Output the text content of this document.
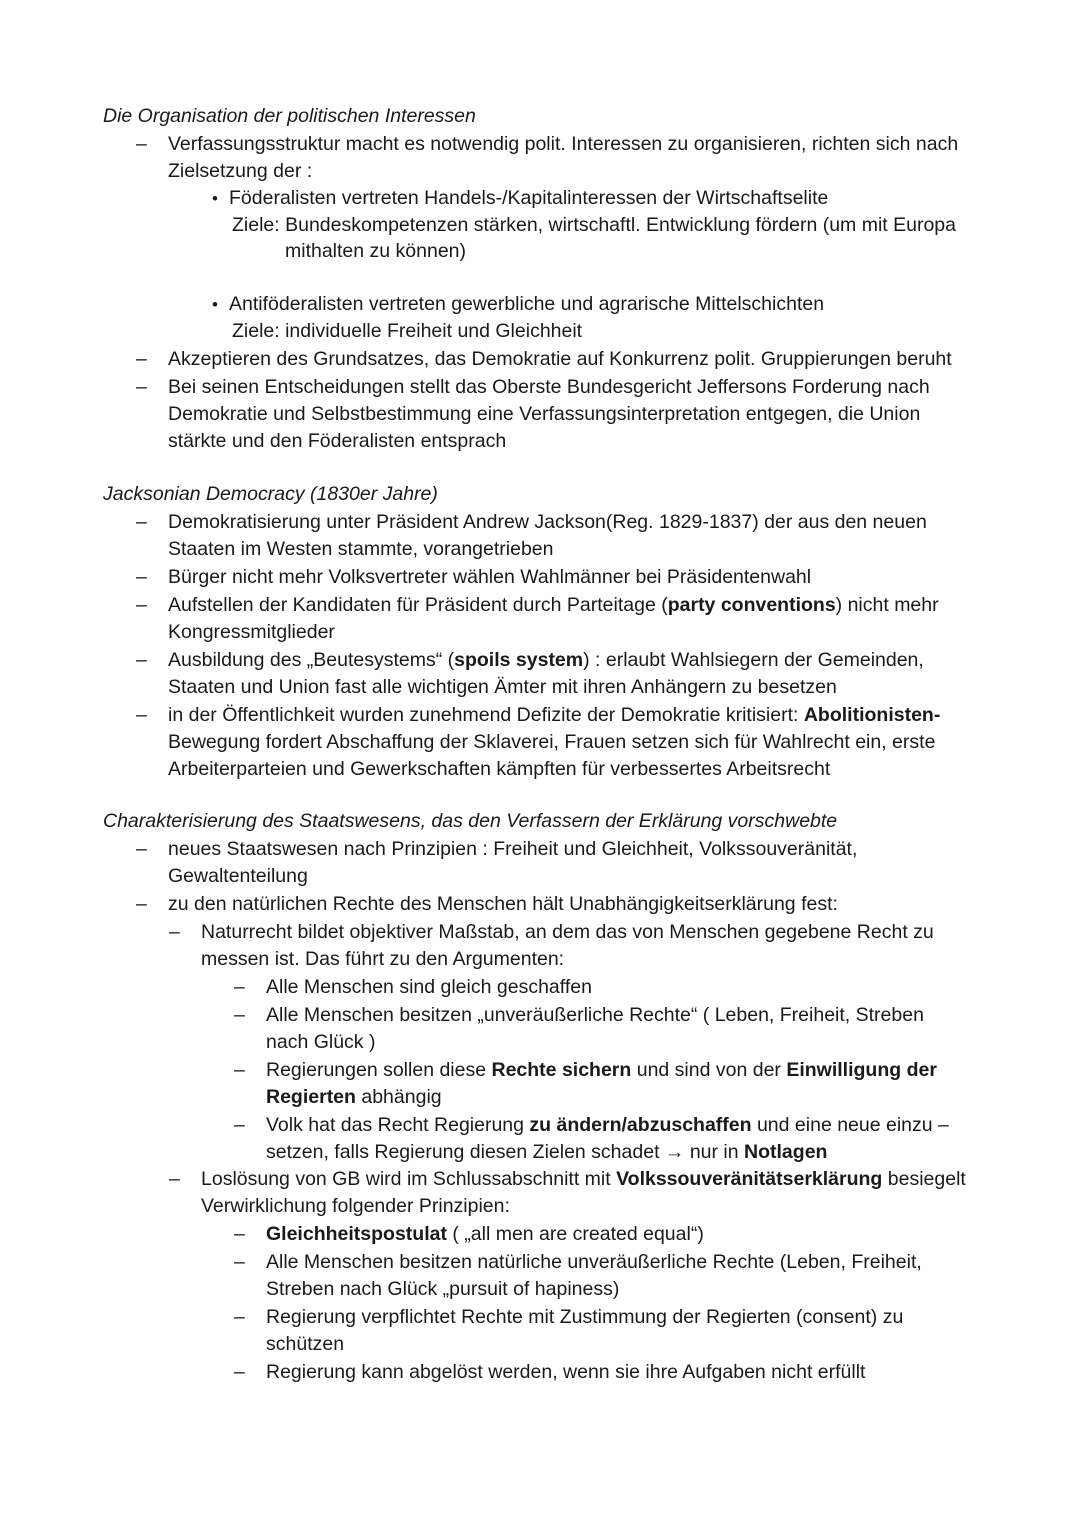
Die Organisation der politischen Interessen
–	Verfassungsstruktur macht es notwendig polit. Interessen zu organisieren, richten sich nach Zielsetzung der :
• Föderalisten vertreten Handels-/Kapitalinteressen der Wirtschaftselite
Ziele: Bundeskompetenzen stärken, wirtschaftl. Entwicklung fördern (um mit Europa
mithalten zu können)
• Antiföderalisten vertreten gewerbliche und agrarische Mittelschichten
Ziele: individuelle Freiheit und Gleichheit
–	Akzeptieren des Grundsatzes, das Demokratie auf Konkurrenz polit. Gruppierungen beruht
–	Bei seinen Entscheidungen stellt das Oberste Bundesgericht Jeffersons Forderung nach Demokratie und Selbstbestimmung eine Verfassungsinterpretation entgegen, die Union stärkte und den Föderalisten entsprach
Jacksonian Democracy (1830er Jahre)
–	Demokratisierung unter Präsident Andrew Jackson(Reg. 1829-1837) der aus den neuen Staaten im Westen stammte, vorangetrieben
–	Bürger nicht mehr Volksvertreter wählen Wahlmänner bei Präsidentenwahl
–	Aufstellen der Kandidaten für Präsident durch Parteitage (party conventions) nicht mehr Kongressmitglieder
–	Ausbildung des „Beutesystems“ (spoils system) : erlaubt Wahlsiegern der Gemeinden, Staaten und Union fast alle wichtigen Ämter mit ihren Anhängern zu besetzen
–	in der Öffentlichkeit wurden zunehmend Defizite der Demokratie kritisiert: Abolitionisten- Bewegung fordert Abschaffung der Sklaverei, Frauen setzen sich für Wahlrecht ein, erste Arbeiterparteien und Gewerkschaften kämpften für verbessertes Arbeitsrecht
Charakterisierung des Staatswesens, das den Verfassern der Erklärung vorschwebte
–	neues Staatswesen nach Prinzipien : Freiheit und Gleichheit, Volkssouveränität, Gewaltenteilung
–	zu den natürlichen Rechte des Menschen hält Unabhängigkeitserklärung fest:
–	Naturrecht bildet objektiver Maßstab, an dem das von Menschen gegebene Recht zu messen ist. Das führt zu den Argumenten:
–	Alle Menschen sind gleich geschaffen
–	Alle Menschen besitzen „unveräußerliche Rechte“ ( Leben, Freiheit, Streben nach Glück )
–	Regierungen sollen diese Rechte sichern und sind von der Einwilligung der Regierten abhängig
–	Volk hat das Recht Regierung zu ändern/abzuschaffen und eine neue einzu – setzen, falls Regierung diesen Zielen schadet → nur in Notlagen
–	Loslösung von GB wird im Schlussabschnitt mit Volkssouveränitätserklärung besiegelt Verwirklichung folgender Prinzipien:
–	Gleichheitspostulat ( „all men are created equal“)
–	Alle Menschen besitzen natürliche unveräußerliche Rechte (Leben, Freiheit, Streben nach Glück „pursuit of hapiness)
–	Regierung verpflichtet Rechte mit Zustimmung der Regierten (consent) zu schützen
–	Regierung kann abgelöst werden, wenn sie ihre Aufgaben nicht erfüllt
